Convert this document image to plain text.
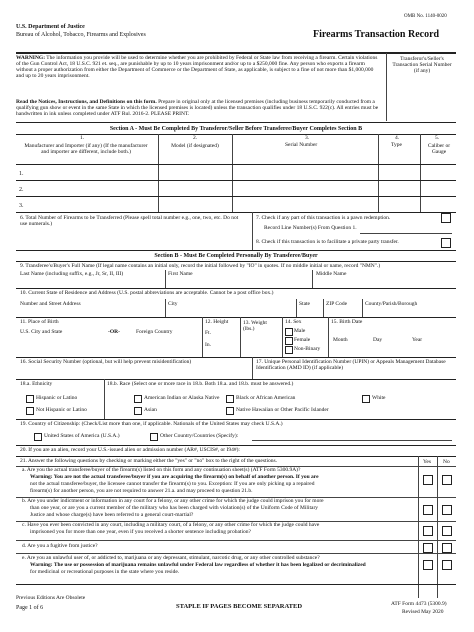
U.S. Department of Justice
Bureau of Alcohol, Tobacco, Firearms and Explosives
OMB No. 1140-0020
Firearms Transaction Record
WARNING: The information you provide will be used to determine whether you are prohibited by Federal or State law from receiving a firearm. Certain violations of the Gun Control Act, 18 U.S.C. 921 et. seq., are punishable by up to 10 years imprisonment and/or up to a $250,000 fine. Any person who exports a firearm without a proper authorization from either the Department of Commerce or the Department of State, as applicable, is subject to a fine of not more than $1,000,000 and up to 20 years imprisonment.
Read the Notices, Instructions, and Definitions on this form. Prepare in original only at the licensed premises (including business temporarily conducted from a qualifying gun show or event in the same State in which the licensed premises is located) unless the transaction qualifies under 18 U.S.C. 922(c). All entries must be handwritten in ink unless completed under ATF Rul. 2016-2. PLEASE PRINT.
Transferor's/Seller's Transaction Serial Number (if any)
Section A - Must Be Completed By Transferor/Seller Before Transferee/Buyer Completes Section B
1.
Manufacturer and Importer (if any) (If the manufacturer and importer are different, include both.)
2.
Model (if designated)
3.
Serial Number
4.
Type
5.
Caliber or Gauge
1.
2.
3.
6. Total Number of Firearms to be Transferred (Please spell total number e.g., one, two, etc. Do not use numerals.)
7. Check if any part of this transaction is a pawn redemption.
Record Line Number(s) From Question 1.
8. Check if this transaction is to facilitate a private party transfer.
Section B - Must Be Completed Personally By Transferee/Buyer
9. Transferee's/Buyer's Full Name (If legal name contains an initial only, record the initial followed by "IO" in quotes. If no middle initial or name, record "NMN".)
Last Name (including suffix, e.g., Jr, Sr, II, III)	First Name	Middle Name
10. Current State of Residence and Address (U.S. postal abbreviations are acceptable. Cannot be a post office box.)
Number and Street Address	City	State	ZIP Code	County/Parish/Borough
11. Place of Birth
U.S. City and State	-OR-	Foreign Country
12. Height
Ft.
In.
13. Weight (lbs.)
14. Sex
Male
Female
Non-Binary
15. Birth Date
Month	Day	Year
16. Social Security Number (optional, but will help prevent misidentification)	17. Unique Personal Identification Number (UPIN) or Appeals Management Database Identification (AMD ID) (if applicable)
18.a. Ethnicity
Hispanic or Latino
Not Hispanic or Latino
18.b. Race (Select one or more race in 18.b. Both 18.a. and 18.b. must be answered.)
American Indian or Alaska Native	Black or African American	White
Asian	Native Hawaiian or Other Pacific Islander
19. Country of Citizenship: (Check/List more than one, if applicable. Nationals of the United States may check U.S.A.)
United States of America (U.S.A.)	Other Country/Countries (Specify):
20. If you are an alien, record your U.S.-issued alien or admission number (AR#, USCIS#, or I94#):
21. Answer the following questions by checking or marking either the "yes" or "no" box to the right of the questions.	Yes No
a. Are you the actual transferee/buyer of the firearm(s) listed on this form and any continuation sheet(s) (ATF Form 5300.9A)?
Warning: You are not the actual transferee/buyer if you are acquiring the firearm(s) on behalf of another person. If you are
not the actual transferee/buyer, the licensee cannot transfer the firearm(s) to you. Exception: If you are only picking up a repaired
firearm(s) for another person, you are not required to answer 21.a. and may proceed to question 21.b.
b. Are you under indictment or information in any court for a felony, or any other crime for which the judge could imprison you for more
than one year, or are you a current member of the military who has been charged with violation(s) of the Uniform Code of Military
Justice and whose charge(s) have been referred to a general court-martial?
c. Have you ever been convicted in any court, including a military court, of a felony, or any other crime for which the judge could have
imprisoned you for more than one year, even if you received a shorter sentence including probation?
d. Are you a fugitive from justice?
e. Are you an unlawful user of, or addicted to, marijuana or any depressant, stimulant, narcotic drug, or any other controlled substance?
Warning: The use or possession of marijuana remains unlawful under Federal law regardless of whether it has been legalized or decriminalized
for medicinal or recreational purposes in the state where you reside.
Previous Editions Are Obsolete
Page 1 of 6	STAPLE IF PAGES BECOME SEPARATED	ATF Form 4473 (5300.9)
Revised May 2020
